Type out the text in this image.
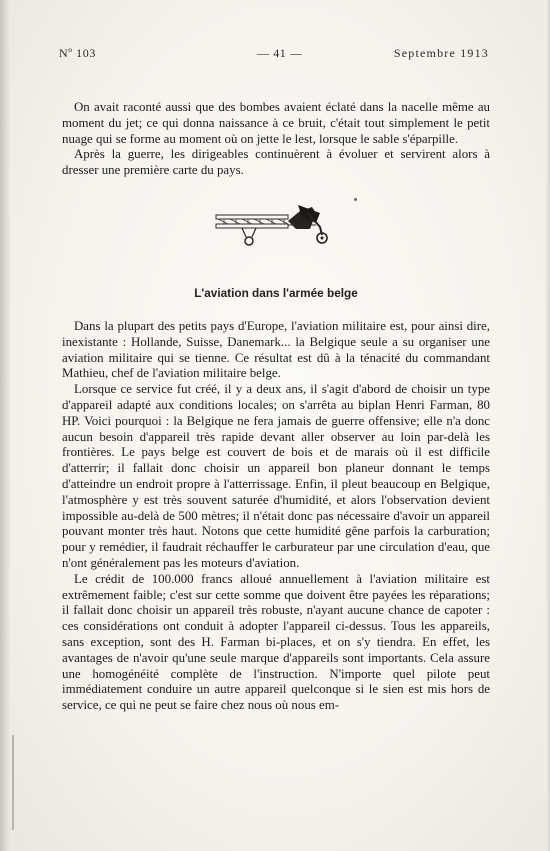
Nº 103	— 41 —	Septembre 1913

On avait raconté aussi que des bombes avaient éclaté dans la nacelle même au moment du jet; ce qui donna naissance à ce bruit, c'était tout simplement le petit nuage qui se forme au moment où on jette le lest, lorsque le sable s'éparpille.

Après la guerre, les dirigeables continuèrent à évoluer et servirent alors à dresser une première carte du pays.

L'aviation dans l'armée belge

Dans la plupart des petits pays d'Europe, l'aviation militaire est, pour ainsi dire, inexistante : Hollande, Suisse, Danemark... la Belgique seule a su organiser une aviation militaire qui se tienne. Ce résultat est dû à la ténacité du commandant Mathieu, chef de l'aviation militaire belge.

Lorsque ce service fut créé, il y a deux ans, il s'agit d'abord de choisir un type d'appareil adapté aux conditions locales; on s'arrêta au biplan Henri Farman, 80 HP. Voici pourquoi : la Belgique ne fera jamais de guerre offensive; elle n'a donc aucun besoin d'appareil très rapide devant aller observer au loin par-delà les frontières. Le pays belge est couvert de bois et de marais où il est difficile d'atterrir; il fallait donc choisir un appareil bon planeur donnant le temps d'atteindre un endroit propre à l'atterrissage. Enfin, il pleut beaucoup en Belgique, l'atmosphère y est très souvent saturée d'humidité, et alors l'observation devient impossible au-delà de 500 mètres; il n'était donc pas nécessaire d'avoir un appareil pouvant monter très haut. Notons que cette humidité gêne parfois la carburation; pour y remédier, il faudrait réchauffer le carburateur par une circulation d'eau, que n'ont généralement pas les moteurs d'aviation.

Le crédit de 100.000 francs alloué annuellement à l'aviation militaire est extrêmement faible; c'est sur cette somme que doivent être payées les réparations; il fallait donc choisir un appareil très robuste, n'ayant aucune chance de capoter : ces considérations ont conduit à adopter l'appareil ci-dessus. Tous les appareils, sans exception, sont des H. Farman bi-places, et on s'y tiendra. En effet, les avantages de n'avoir qu'une seule marque d'appareils sont importants. Cela assure une homogénéité complète de l'instruction. N'importe quel pilote peut immédiatement conduire un autre appareil quelconque si le sien est mis hors de service, ce qui ne peut se faire chez nous où nous em-
